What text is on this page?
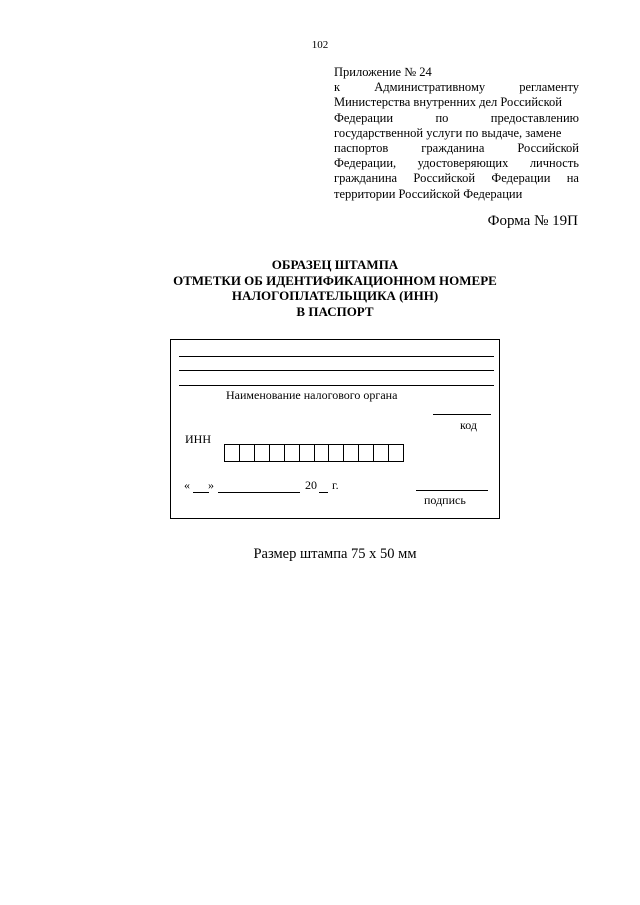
102
Приложение № 24
к	Административному	регламенту
Министерства внутренних дел Российской
Федерации	по	предоставлению
государственной услуги по выдаче, замене
паспортов	гражданина	Российской
Федерации, удостоверяющих личность
гражданина Российской Федерации на
территории Российской Федерации
Форма № 19П
ОБРАЗЕЦ ШТАМПА
ОТМЕТКИ ОБ ИДЕНТИФИКАЦИОННОМ НОМЕРЕ
НАЛОГОПЛАТЕЛЬЩИКА (ИНН)
В ПАСПОРТ
Наименование налогового органа
код
ИНН
« »	20 г.
подпись
Размер штампа 75 х 50 мм
